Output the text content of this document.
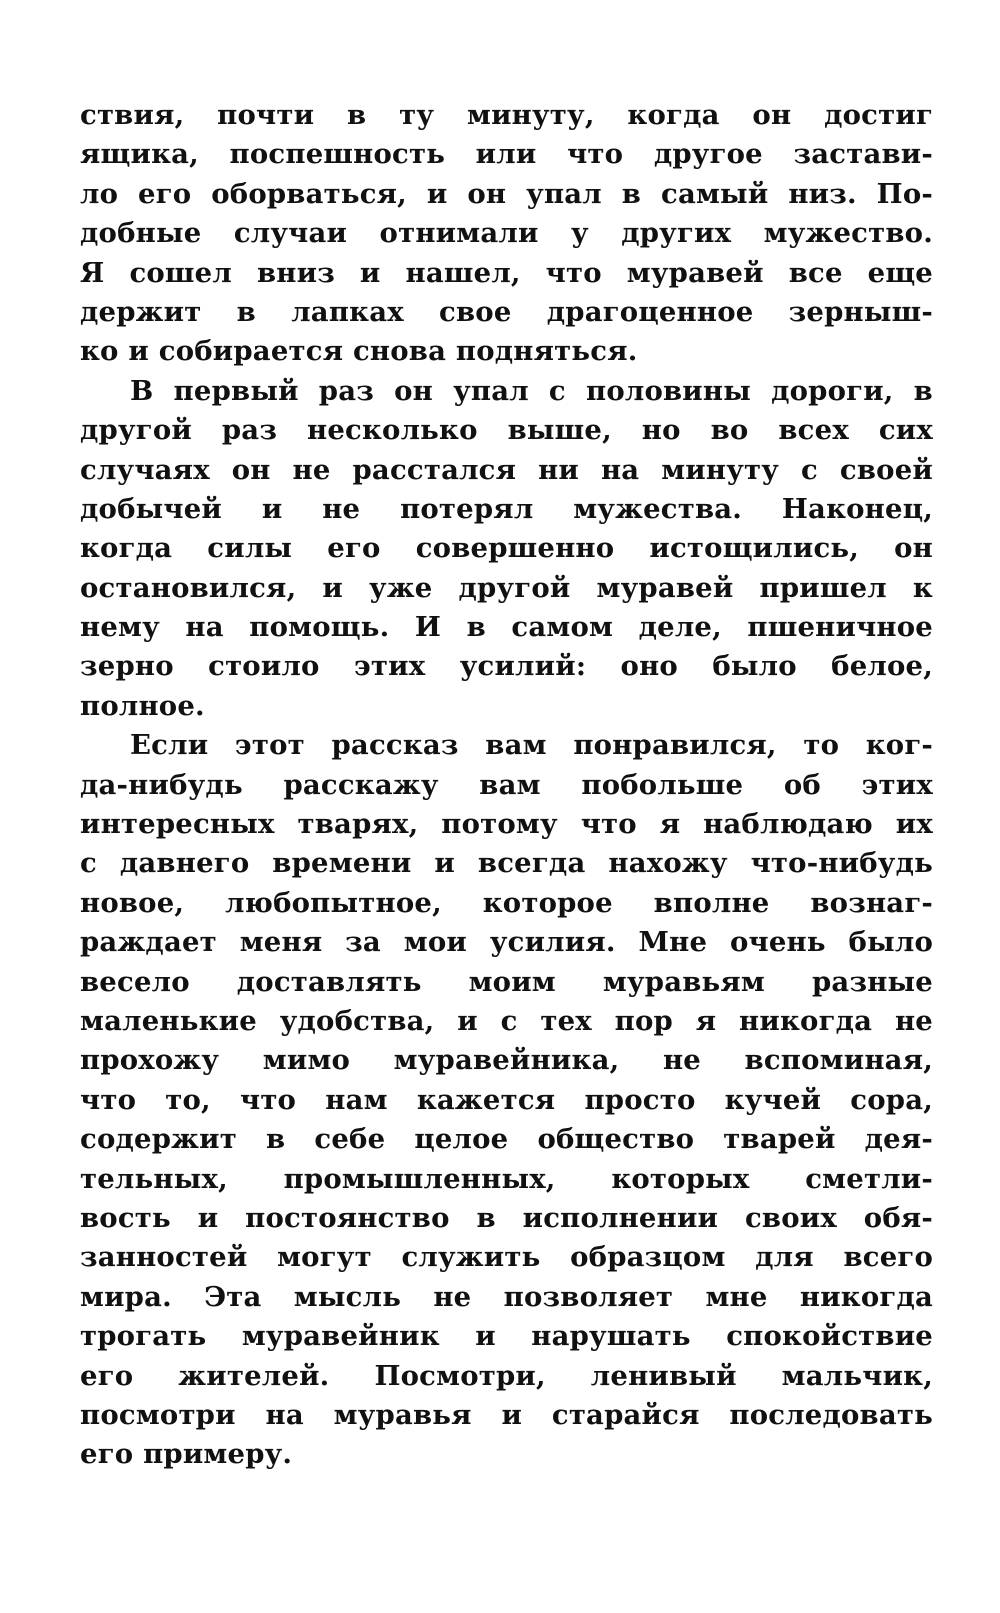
ствия, почти в ту минуту, когда он достиг
ящика, поспешность или что другое застави-
ло его оборваться, и он упал в самый низ. По-
добные случаи отнимали у других мужество.
Я сошел вниз и нашел, что муравей все еще
держит в лапках свое драгоценное зерныш-
ко и собирается снова подняться.
В первый раз он упал с половины дороги, в
другой раз несколько выше, но во всех сих
случаях он не расстался ни на минуту с своей
добычей и не потерял мужества. Наконец,
когда силы его совершенно истощились, он
остановился, и уже другой муравей пришел к
нему на помощь. И в самом деле, пшеничное
зерно стоило этих усилий: оно было белое,
полное.
Если этот рассказ вам понравился, то ког-
да-нибудь расскажу вам побольше об этих
интересных тварях, потому что я наблюдаю их
с давнего времени и всегда нахожу что-нибудь
новое, любопытное, которое вполне вознаг-
раждает меня за мои усилия. Мне очень было
весело доставлять моим муравьям разные
маленькие удобства, и с тех пор я никогда не
прохожу мимо муравейника, не вспоминая,
что то, что нам кажется просто кучей сора,
содержит в себе целое общество тварей дея-
тельных, промышленных, которых сметли-
вость и постоянство в исполнении своих обя-
занностей могут служить образцом для всего
мира. Эта мысль не позволяет мне никогда
трогать муравейник и нарушать спокойствие
его жителей. Посмотри, ленивый мальчик,
посмотри на муравья и старайся последовать
его примеру.
